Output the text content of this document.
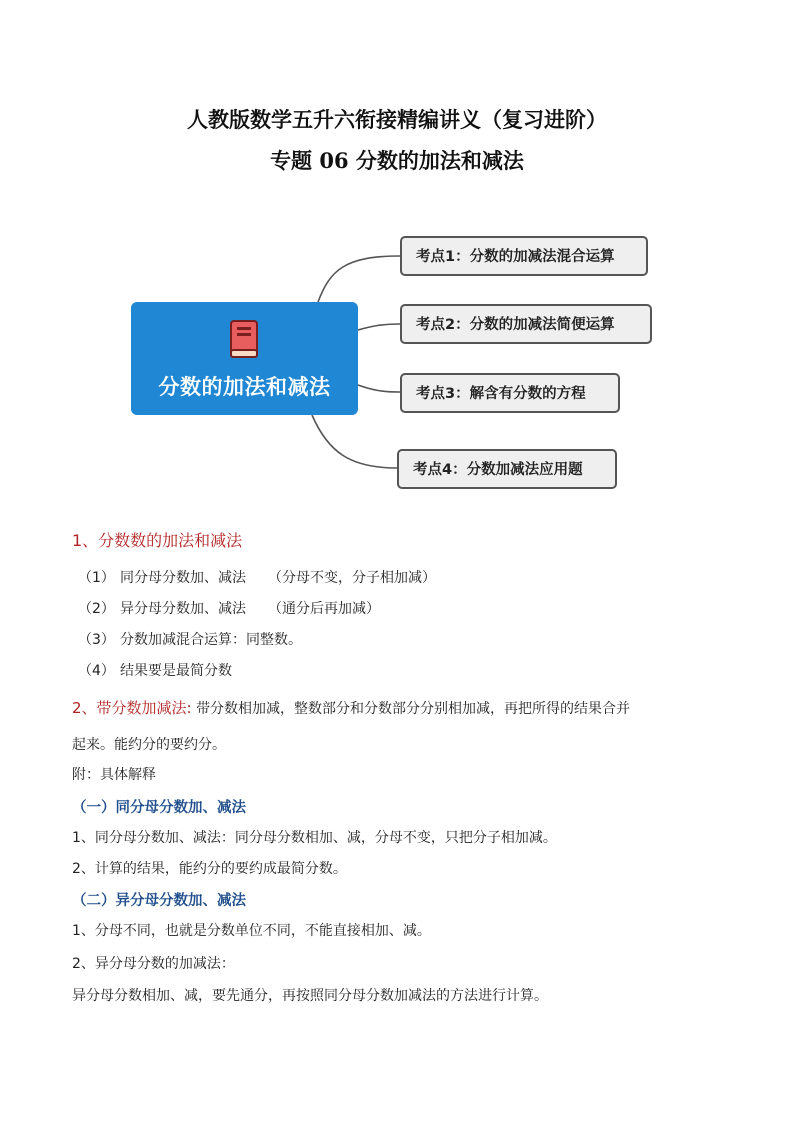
人教版数学五升六衔接精编讲义（复习进阶）
专题 06 分数的加法和减法
分数的加法和减法
考点1：分数的加减法混合运算
考点2：分数的加减法简便运算
考点3：解含有分数的方程
考点4：分数加减法应用题
1、分数数的加法和减法
（1） 同分母分数加、减法 （分母不变，分子相加减）
（2） 异分母分数加、减法 （通分后再加减）
（3） 分数加减混合运算：同整数。
（4） 结果要是最简分数
2、带分数加减法: 带分数相加减，整数部分和分数部分分别相加减，再把所得的结果合并
起来。能约分的要约分。
附：具体解释
（一）同分母分数加、减法
1、同分母分数加、减法：同分母分数相加、减，分母不变，只把分子相加减。
2、计算的结果，能约分的要约成最简分数。
（二）异分母分数加、减法
1、分母不同，也就是分数单位不同，不能直接相加、减。
2、异分母分数的加减法：
异分母分数相加、减，要先通分，再按照同分母分数加减法的方法进行计算。
